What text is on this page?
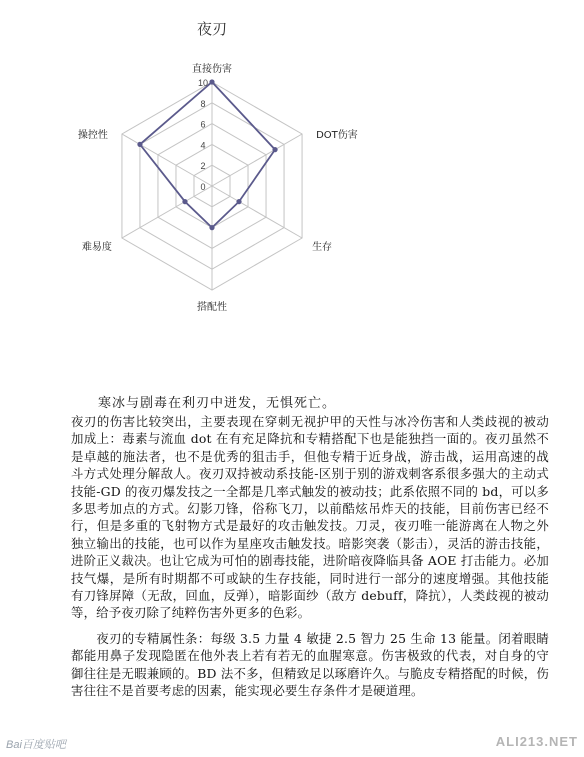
夜刃
0
2
4
6
8
10
直接伤害
DOT伤害
生存
搭配性
难易度
操控性

寒冰与剧毒在利刃中迸发，无惧死亡。

夜刃的伤害比较突出，主要表现在穿刺无视护甲的天性与冰冷伤害和人类歧视的被动加成上：毒素与流血 dot 在有充足降抗和专精搭配下也是能独挡一面的。夜刃虽然不是卓越的施法者，也不是优秀的狙击手，但他专精于近身战，游击战，运用高速的战斗方式处理分解敌人。夜刃双持被动系技能-区别于别的游戏刺客系很多强大的主动式技能-GD 的夜刃爆发技之一全都是几率式触发的被动技；此系依照不同的 bd，可以多多思考加点的方式。幻影刀锋，俗称飞刀，以前酷炫吊炸天的技能，目前伤害已经不行，但是多重的飞射物方式是最好的攻击触发技。刀灵，夜刃唯一能游离在人物之外独立输出的技能，也可以作为星座攻击触发技。暗影突袭（影击），灵活的游击技能，进阶正义裁决。也让它成为可怕的剧毒技能，进阶暗夜降临具备 AOE 打击能力。必加技气爆，是所有时期都不可或缺的生存技能，同时进行一部分的速度增强。其他技能有刀锋屏障（无敌，回血，反弹），暗影面纱（敌方 debuff，降抗），人类歧视的被动等，给予夜刃除了纯粹伤害外更多的色彩。

　　夜刃的专精属性条：每级 3.5 力量 4 敏捷 2.5 智力 25 生命 13 能量。闭着眼睛都能用鼻子发现隐匿在他外表上若有若无的血腥寒意。伤害极致的代表，对自身的守御往往是无暇兼顾的。BD 法不多，但精致足以琢磨许久。与脆皮专精搭配的时候，伤害往往不是首要考虑的因素，能实现必要生存条件才是硬道理。

Bai百度贴吧	ALI213.NET
